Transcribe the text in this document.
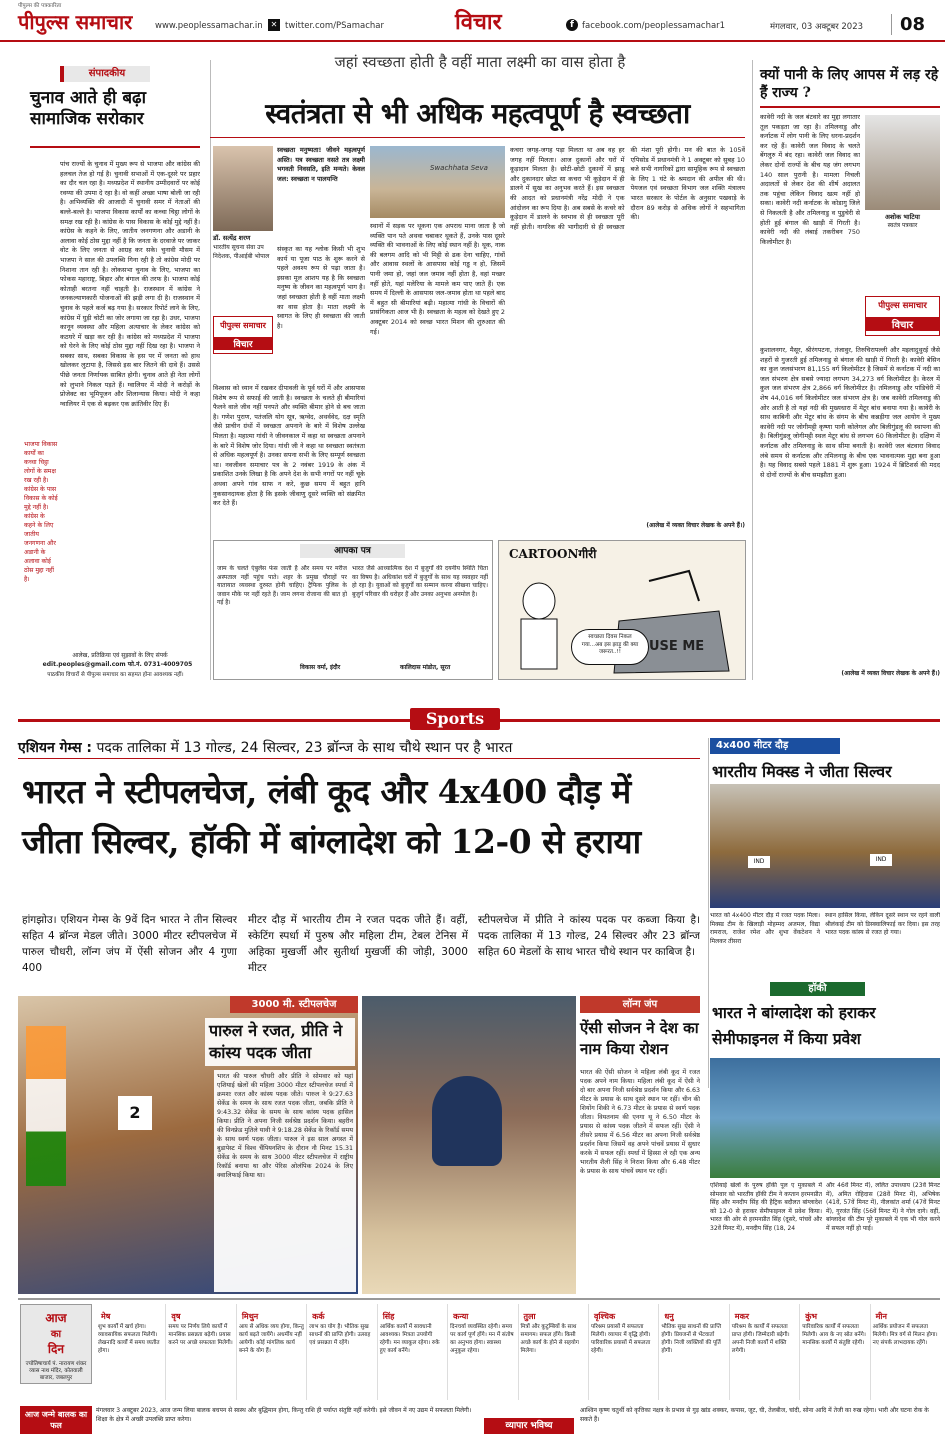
पीपुल्स की पत्रकारिता
पीपुल्स समाचार	www.peoplessamachar.in	✕ twitter.com/PSamachar	विचार	f facebook.com/peoplessamachar1	मंगलवार, 03 अक्टूबर 2023	08
संपादकीय
चुनाव आते ही बढ़ा सामाजिक सरोकार
पांच राज्यों के चुनाव में मुख्य रूप से भाजपा और कांग्रेस की हलचल तेज हो गई है। चुनावी सभाओं में एक-दूसरे पर प्रहार का दौर चल रहा है। मध्यप्रदेश में स्थानीय उम्मीदवारों पर कोई रवय्या की उपमा दे रहा है। वो कहीं अच्छा भाषा बोली जा रही है। अभिव्यक्ति की आजादी में चुनावी समर में नेताओं की बल्ले-बल्ले है। भाजपा विकास कार्यों का कच्चा चिट्ठा लोगों के समक्ष रख रही है। कांग्रेस के पास विकास के कोई मुद्दे नहीं है। कांग्रेस के कहने के लिए, जातीय जनगणना और अडानी के अलावा कोई ठोस मुद्दा नहीं है कि जनता के दरवाजे पर जाकर वोट के लिए जनता से आग्रह कर सके। चुनावी मौसम में भाजपा ने साल की उपलब्धि गिना रही है तो कांग्रेस मोदी पर निशाना तान रही है। लोकसभा चुनाव के लिए, भाजपा का फोकस महाराष्ट्र, बिहार और बंगाल की तरफ है। भाजपा कोई कोताही बरतना नहीं चाहती है। राजस्थान में कांग्रेस ने जनकल्याणकारी योजनाओं की झड़ी लगा दी है। राजस्थान में चुनाव के पहले कर्ज बढ़ गया है। सरकार रिपोर्ट लाने के लिए, कांग्रेस में घुड़ी चोटी का जोर लगाया जा रहा है। उधर, भाजपा कानून व्यवस्था और महिला अत्याचार के लेकर कांग्रेस को कठघरे में खड़ा कर रही है। कांग्रेस को मध्यप्रदेश में भाजपा को घेरने के लिए कोई ठोस मुद्दा नहीं दिख रहा है। भाजपा ने सबका साथ, सबका विकास के हस पर में जनता को हाथ खोलकर लुटाया है, जिससे इस बार जितने की दावे हैं। उससे पीछे जनता निर्णायक साबित होगी। चुनाव आते ही नेता लोगों को लुभाने निकल पड़ते हैं। ग्वालियर में मोदी ने करोड़ों के प्रोजेक्ट का भूमिपूजन और शिलान्यास किया। मोदी ने कहा ग्वालियर में एक से बढ़कर एक क्रांतिवीर दिए हैं।
भाजपा विकास कार्यों का कच्चा चिट्ठा लोगों के समक्ष रख रही है। कांग्रेस के पास विकास के कोई मुद्दे नहीं है। कांग्रेस के कहने के लिए जातीय जनगणना और अडानी के अलावा कोई ठोस मुद्दा नहीं है।
आलेख, प्रतिक्रिया एवं सुझावों के लिए संपर्क
edit.peoples@gmail.com फो.नं. 0731-4009705
पाठकीय विचारों से पीपुल्स समाचार का सहमत होना आवश्यक नहीं।
जहां स्वच्छता होती है वहीं माता लक्ष्मी का वास होता है
स्वतंत्रता से भी अधिक महत्वपूर्ण है स्वच्छता
डॉ. सत्येंद्र शरण
भारतीय सूचना सेवा उप निदेशक, पीआईबी भोपाल
स्वच्छता मनुष्यता! जीवने महत्वपूर्ण अस्ति। यत्र स्वच्छता वसते तत्र लक्ष्मी भगवती निवसति, इति मन्यते। केवल जल: स्वच्छता न पालयन्ति
संस्कृत का यह श्लोक किसी भी शुभ कार्य या पूजा पाठ के शुरू करने से पहले अवश्य रूप से पढ़ा जाता है। इसका मूल आशय यह है कि स्वच्छता मनुष्य के जीवन का महत्वपूर्ण भाग है। जहां स्वच्छता होती है वहीं माता लक्ष्मी का वास होता है। माता लक्ष्मी के स्वागत के लिए ही स्वच्छता की जाती है।
पीपुल्स समाचार
विचार
विश्वास को ध्यान में रखकर दीपावली के पूर्व घरों में और आसपास विशेष रूप से सफाई की जाती है। स्वच्छता के चलते ही बीमारियां फैलने वाले जीव नहीं पनपते और व्यक्ति बीमार होने से बच जाता है। गणेश पुराण, पतंजलि योग सूत्र, ऋग्वेद, अथर्ववेद, दक्ष स्मृति जैसे प्राचीन ग्रंथों में स्वच्छता अपनाने के बारे में विशेष उल्लेख मिलता है। महात्मा गांधी ने जीवनकाल में कहा था स्वच्छता अपनाने के बारे में विशेष जोर दिया। गांधी जी ने कहा था स्वच्छता स्वतंत्रता से अधिक महत्वपूर्ण है। उनका सपना सभी के लिए सम्पूर्ण स्वच्छता था। नवजीवन समाचार पत्र के 2 नवंबर 1919 के अंक में प्रकाशित उनके लिखा है कि अपने देश के सभी नगरों पर नहीं चूके अथवा अपने गांव साफ न करे, कुछ समय में बहुत हानि नुकसानदायक होता है कि इसके जीवाणु दूसरे व्यक्ति को संक्रमित कर देते हैं।
Swachhata Seva
स्थानों में सड़क पर थूकना एक अपराध माना जाता है जो व्यक्ति पान पते अथवा चबाकर थूकते हैं, उनके पास दूसरे व्यक्ति की भावनाओं के लिए कोई स्थान नहीं है। थूक, नाक की बलगम आदि को भी मिट्टी से ढक देना चाहिए, गांवों और आवास स्थलों के आसपास कोई गड्ढ न हो, जिसमें पानी जमा हो, जहां जल जमाव नहीं होता है, वहां मच्छर नहीं होते, यहां मलेरिया के मामले कम पाए जाते हैं। एक समय में दिल्ली के आसपास जल-जमाव होता था पहले बाद में बहुत सी बीमारियां बढ़ी। महात्मा गांधी के विचारों की प्रासंगिकता आज भी है। स्वच्छता के महत्व को देखते हुए 2 अक्टूबर 2014 को स्वच्छ भारत मिशन की शुरुआत की गई।
कचरा जगह-जगह पड़ा मिलता था अब वह हर जगह नहीं मिलता। आज दुकानों और घरों में कूड़ादान मिलता है। छोटी-छोटी दुकानों में झाडू और दुकानदार छोटा सा कचरा भी कूड़ेदान में ही डालने में सुख का अनुभव करते हैं। इस स्वच्छता की आदत को प्रधानमंत्री नरेंद्र मोदी ने एक आंदोलन का रूप दिया है। अब सबसे के कचरे को कूड़ेदान में डालने के स्वभाव से ही स्वच्छता पूरी नहीं होती। नागरिक की भागीदारी से ही स्वच्छता की मंशा पूरी होगी। मन की बात के 105वें एपिसोड में प्रधानमंत्री ने 1 अक्टूबर को सुबह 10 बजे सभी नागरिकों द्वारा सामूहिक रूप से स्वच्छता के लिए 1 घंटे के श्रमदान की अपील की थी। पेयजल एवं स्वच्छता विभाग जल शक्ति मंत्रालय भारत सरकार के पोर्टल के अनुसार पखवाड़े के दौरान 89 करोड़ से अधिक लोगों ने सहभागिता की।
(आलेख में व्यक्त विचार लेखक के अपने हैं।)
आपका पत्र
जाम के चलते एंबुलेंस फंस जाती है और समय पर मरीज अस्पताल नहीं पहुंच पाते। शहर के प्रमुख चौराहों पर यातायात व्यवस्था दुरुस्त होनी चाहिए। ट्रैफिक पुलिस के जवान मौके पर नहीं रहते हैं। जाम लगना रोजाना की बात हो गई है।
विकास वर्मा, इंदौर
भारत जैसे आध्यात्मिक देश में बुजुर्गों की दयनीय स्थिति चिंता का विषय है। अधिकांश घरों में बुजुर्गों के साथ यह व्यवहार नहीं हो रहा है। युवाओं को बुजुर्गों का सम्मान करना सीखना चाहिए। बुजुर्ग परिवार की धरोहर हैं और उनका अनुभव अनमोल है।
कालिदास मांडोत, सूरत
CARTOONगीरी
USE ME
स्वच्छता दिवस निकल गया...अब इस झाड़ू की क्या जरूरत..!!
क्यों पानी के लिए आपस में लड़ रहे हैं राज्य ?
कावेरी नदी के जल बंटवारे का मुद्दा लगातार तूल पकड़ता जा रहा है। तमिलनाडु और कर्नाटक में लोग पानी के लिए धरना-प्रदर्शन कर रहे हैं। कावेरी जल विवाद के चलते बेंगलुरु में बंद रहा। कावेरी जल विवाद का लेकर दोनों राज्यों के बीच यह जंग लगभग 140 साल पुरानी है। मामला निचली अदालतों से लेकर देश की शीर्ष अदालत तक पहुंचा लेकिन विवाद खत्म नहीं हो सका। कावेरी नदी कर्नाटक के कोडागु जिले से निकलती है और तमिलनाडु व पुडुचेरी से होती हुई बंगाल की खाड़ी में गिरती है। कावेरी नदी की लंबाई तकरीबन 750 किलोमीटर है।
अशोक भाटिया
स्वतंत्र पत्रकार
पीपुल्स समाचार
विचार
कुशालनगर, मैसूर, श्रीरंगपटना, तंजावुर, तिरुचिरापल्ली और मइलादुथुरई जैसे शहरों से गुजरती हुई तमिलनाडु से बंगाल की खाड़ी में गिरती है। कावेरी बेसिन का कुल जलसंभरण 81,155 वर्ग किलोमीटर है जिसमें से कर्नाटक में नदी का जल संभरण क्षेत्र सबसे ज्यादा लगभग 34,273 वर्ग किलोमीटर है। केरल में कुल जल संभरण क्षेत्र 2,866 वर्ग किलोमीटर है। तमिलनाडु और पांडिचेरी में शेष 44,016 वर्ग किलोमीटर जल संभरण क्षेत्र है। जब कावेरी तमिलनाडु की ओर आती है तो यहां नदी की मुख्यधारा में मेटूर बांध बनाया गया है। कावेरी के साथ काबिनी और मेटूर बांध के संगम के बीच कन्नड़ीगा जल आयोग ने मुख्य कावेरी नदी पर जोगीमट्टी कृष्णा पानी कोलेगल और बिलीगुंडलू की स्थापना की है। बिलीगुंडलू जोगीमट्टी स्थल मेटूर बांध से लगभग 60 किलोमीटर है। दक्षिण में कर्नाटक और तमिलनाडु के साथ सीमा बनाती है। कावेरी जल बंटवारा विवाद लंबे समय से कर्नाटक और तमिलनाडु के बीच एक भावनात्मक मुद्दा बना हुआ है। यह विवाद सबसे पहले 1881 में शुरू हुआ। 1924 में ब्रिटिशर्स की मदद से दोनों राज्यों के बीच समझौता हुआ।
(आलेख में व्यक्त विचार लेखक के अपने हैं।)
Sports
एशियन गेम्स : पदक तालिका में 13 गोल्ड, 24 सिल्वर, 23 ब्रॉन्ज के साथ चौथे स्थान पर है भारत
भारत ने स्टीपलचेज, लंबी कूद और 4x400 दौड़ में
जीता सिल्वर, हॉकी में बांग्लादेश को 12-0 से हराया
हांगझोउ। एशियन गेम्स के 9वें दिन भारत ने तीन सिल्वर सहित 4 ब्रॉन्ज मेडल जीते। 3000 मीटर स्टीपलचेज में पारुल चौधरी, लॉन्ग जंप में ऐंसी सोजन और 4 गुणा 400
मीटर दौड़ में भारतीय टीम ने रजत पदक जीते हैं। वहीं, स्केटिंग स्पर्धा में पुरुष और महिला टीम, टेबल टेनिस में अहिका मुखर्जी और सुतीर्था मुखर्जी की जोड़ी, 3000 मीटर
स्टीपलचेज में प्रीति ने कांस्य पदक पर कब्जा किया है। पदक तालिका में 13 गोल्ड, 24 सिल्वर और 23 ब्रॉन्ज सहित 60 मेडलों के साथ भारत चौथे स्थान पर काबिज है।
4x400 मीटर दौड़
भारतीय मिक्स्ड ने जीता सिल्वर
IND	IND
भारत को 4x400 मीटर दौड़ में रजत पदक मिला। मिक्स्ड टीम के खिलाड़ी मोहम्मद अजमल, विद्या रामराज, राजेश रमेश और शुभा वेंकटेशन ने मिलकर तीसरा
स्थान हासिल किया, लेकिन दूसरे स्थान पर रहने वाली श्रीलंकाई टीम को डिस्क्वालिफाई कर दिया। इस तरह भारत पदक कांस्य से रजत हो गया।
हॉकी
भारत ने बांग्लादेश को हराकर सेमीफाइनल में किया प्रवेश
एशियाई खेलों के पुरुष हॉकी पूल ए मुकाबले में सोमवार को भारतीय हॉकी टीम ने कप्तान हरमनप्रीत सिंह और मनदीप सिंह की हैट्रिक बदौलत बांग्लादेश को 12-0 से हराकर सेमीफाइनल में प्रवेश किया। भारत की ओर से हरमनप्रीत सिंह (दूसरे, पांचवें और 32वें मिनट में), मनदीप सिंह (18, 24
और 46वें मिनट में), ललित उपाध्याय (23वें मिनट में), अमित रोहिदास (28वें मिनट में), अभिषेक (41वें, 57वें मिनट में), नीलकांत शर्मा (47वें मिनट में), गुरजंत सिंह (56वें मिनट में) ने गोल दागे। वहीं, बांग्लादेश की टीम पूरे मुकाबले में एक भी गोल करने में सफल नहीं हो पाई।
2
3000 मी. स्टीपलचेज
पारुल ने रजत, प्रीति ने कांस्य पदक जीता
भारत की पारुल चौधरी और प्रीति ने सोमवार को यहां एशियाई खेलों की महिला 3000 मीटर स्टीपलचेज स्पर्धा में क्रमशः रजत और कांस्य पदक जीते। पारुल ने 9:27.63 सेकेंड के समय के साथ रजत पदक जीता, जबकि प्रीति ने 9:43.32 सेकेंड के समय के साथ कांस्य पदक हासिल किया। प्रीति ने अपना निजी सर्वश्रेष्ठ प्रदर्शन किया। बहरीन की विनफ्रेड मुतिले यावी ने 9:18.28 सेकेंड के रिकॉर्ड समय के साथ स्वर्ण पदक जीता। पारुल ने इस साल अगस्त में बुडापेस्ट में विश्व चैंपियनशिप के दौरान नौ मिनट 15.31 सेकेंड के समय के साथ 3000 मीटर स्टीपलचेज में राष्ट्रीय रिकॉर्ड बनाया था और पेरिस ओलंपिक 2024 के लिए क्वालिफाई किया था।
लॉन्ग जंप
ऐंसी सोजन ने देश का नाम किया रोशन
भारत की ऐंसी सोजन ने महिला लंबी कूद में रजत पदक अपने नाम किया। महिला लंबी कूद में ऐंसी ने दो बार अपना निजी सर्वश्रेष्ठ प्रदर्शन किया और 6.63 मीटर के प्रयास के साथ दूसरे स्थान पर रहीं। चीन की शियोंग शिकी ने 6.73 मीटर के प्रयास से स्वर्ण पदक जीता। वियतनाम की एनगा थू ने 6.50 मीटर के प्रयास से कांस्य पदक जीतने में सफल रहीं। ऐंसी ने तीसरे प्रयास में 6.56 मीटर का अपना निजी सर्वश्रेष्ठ प्रदर्शन किया जिसमें वह अपने पांचवें प्रयास में सुधार करके में सफल रहीं। स्पर्धा में हिस्सा ले रही एक अन्य भारतीय शैली सिंह ने निराश किया और 6.48 मीटर के प्रयास के साथ पांचवें स्थान पर रहीं।
आज
का
दिन
ज्योतिषाचार्य पं. नारायण शंकर व्यास नाथ मंदिर, कोतवाली बाजार, जबलपुर
मेष
शुभ कार्यों में खर्च होगा। व्यावसायिक सफलता मिलेगी। लेखनादि कार्यों में समय व्यतीत होगा।
वृष
समय पर निर्णय लिये कार्यों में मानसिक प्रसन्नता बढ़ेगी। प्रयास करने पर अच्छे सफलता मिलेगी।
मिथुन
आय से अधिक व्यय होगा, किन्तु कार्य बढ़ते जायेंगे। अधर्मीय नहीं आयेगी। कोई मांगलिक कार्य बनने के योग हैं।
कर्क
लाभ का योग है। भौतिक सुख साधनों की प्राप्ति होगी। उत्साह एवं प्रसन्नता में रहेंगे।
सिंह
आर्थिक कार्यों में सावधानी आवश्यक। मित्रता उपयोगी रहेगी। मन व्याकुल रहेगा। रुके हुए कार्य बनेंगे।
कन्या
दिनचर्या व्यवस्थित रहेगी। समय पर कार्य पूर्ण होंगे। मन में संतोष का अनुभव होगा। स्वास्थ्य अनुकूल रहेगा।
तुला
मित्रों और कुटुम्बियों के साथ समागम। सफल होंगे। किसी अच्छे कार्य के होने से सहयोग मिलेगा।
वृश्चिक
परिश्रम प्रयासों में सफलता मिलेगी। व्यापार में वृद्धि होगी। पारिवारिक प्रयासों में सफलता रहेगी।
धनु
भौतिक सुख साधनों की प्राप्ति होगी। प्रियजनों से भेंटवार्ता होगी। निजी व्यक्तियों की पूर्ति होगी।
मकर
परिश्रम के कार्यों में सफलता प्राप्त होगी। जिम्मेदारी बढ़ेगी। अपनी निजी कार्यों में शक्ति लगेगी।
कुंभ
पारिवारिक कार्यों में सफलता मिलेगी। आय के नए स्रोत बनेंगे। मानसिक कार्यों में संतुष्टि रहेगी।
मीन
आर्थिक प्रयोजन में सफलता मिलेगी। मित्र वर्ग से मिलन होगा। नए संपर्क लाभदायक रहेंगे।
आज जन्मे बालक का फल
मंगलवार 3 अक्टूबर 2023, आज जन्म लिया बालक बचपन से स्वस्थ और बुद्धिमान होगा, किन्तु राशि ही पर्याप्त संतुष्टि नहीं करेगी। इसे जीवन में नए उद्यम में सफलता मिलेगी। शिक्षा के क्षेत्र में अच्छी उपलब्धि प्राप्त करेगा।
व्यापार भविष्य
आश्विन कृष्ण चतुर्थी को कृत्तिका नक्षत्र के प्रभाव से गुड़ खांड शक्कर, कपास, जूट, घी, तेलबीज, चांदी, सोना आदि में तेजी का रुख रहेगा। भारी और घटना रोक के सकते हैं।
